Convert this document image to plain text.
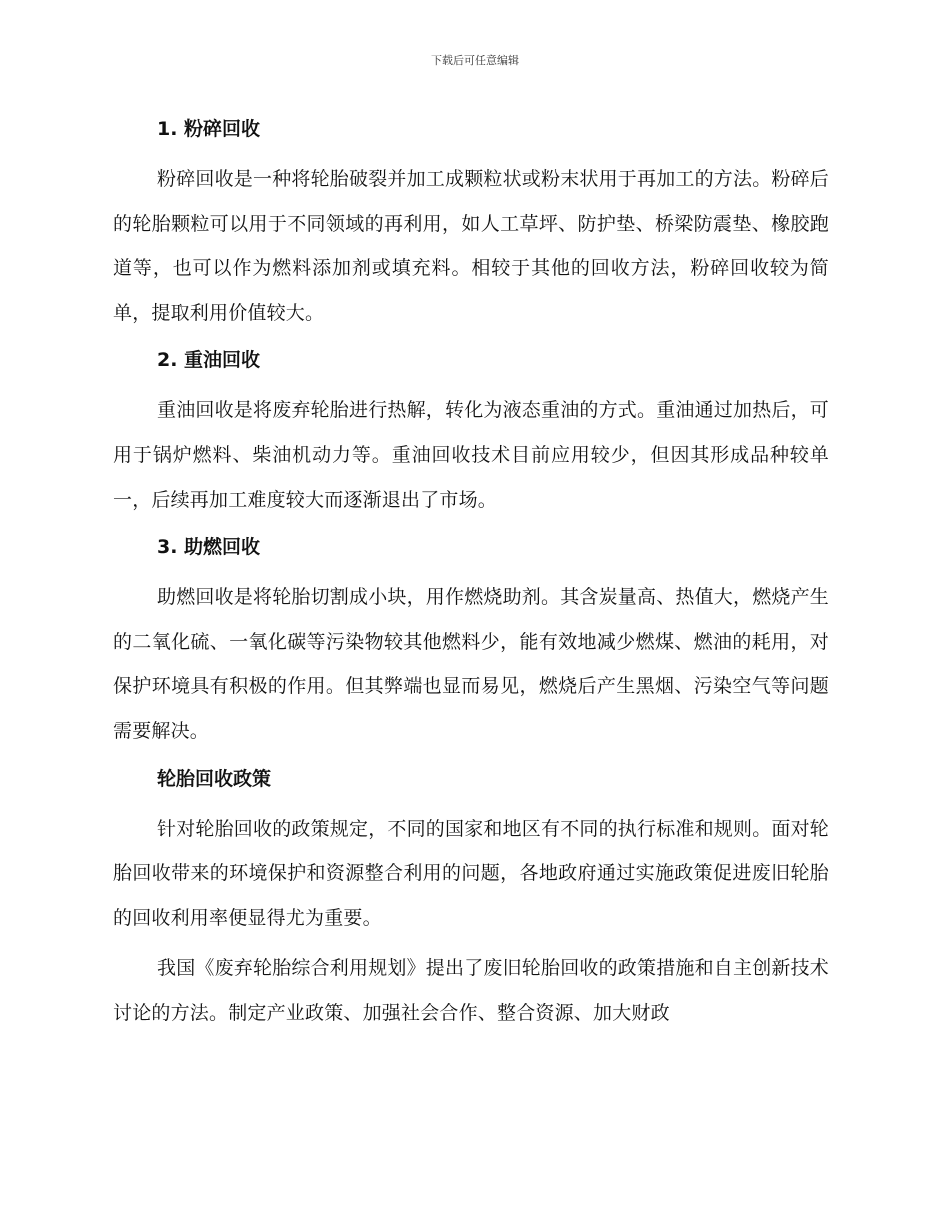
下载后可任意编辑
1. 粉碎回收

粉碎回收是一种将轮胎破裂并加工成颗粒状或粉末状用于再加工的方法。粉碎后的轮胎颗粒可以用于不同领域的再利用，如人工草坪、防护垫、桥梁防震垫、橡胶跑道等，也可以作为燃料添加剂或填充料。相较于其他的回收方法，粉碎回收较为简单，提取利用价值较大。

2. 重油回收

重油回收是将废弃轮胎进行热解，转化为液态重油的方式。重油通过加热后，可用于锅炉燃料、柴油机动力等。重油回收技术目前应用较少，但因其形成品种较单一，后续再加工难度较大而逐渐退出了市场。

3. 助燃回收

助燃回收是将轮胎切割成小块，用作燃烧助剂。其含炭量高、热值大，燃烧产生的二氧化硫、一氧化碳等污染物较其他燃料少，能有效地减少燃煤、燃油的耗用，对保护环境具有积极的作用。但其弊端也显而易见，燃烧后产生黑烟、污染空气等问题需要解决。

轮胎回收政策

针对轮胎回收的政策规定，不同的国家和地区有不同的执行标准和规则。面对轮胎回收带来的环境保护和资源整合利用的问题，各地政府通过实施政策促进废旧轮胎的回收利用率便显得尤为重要。

我国《废弃轮胎综合利用规划》提出了废旧轮胎回收的政策措施和自主创新技术讨论的方法。制定产业政策、加强社会合作、整合资源、加大财政
